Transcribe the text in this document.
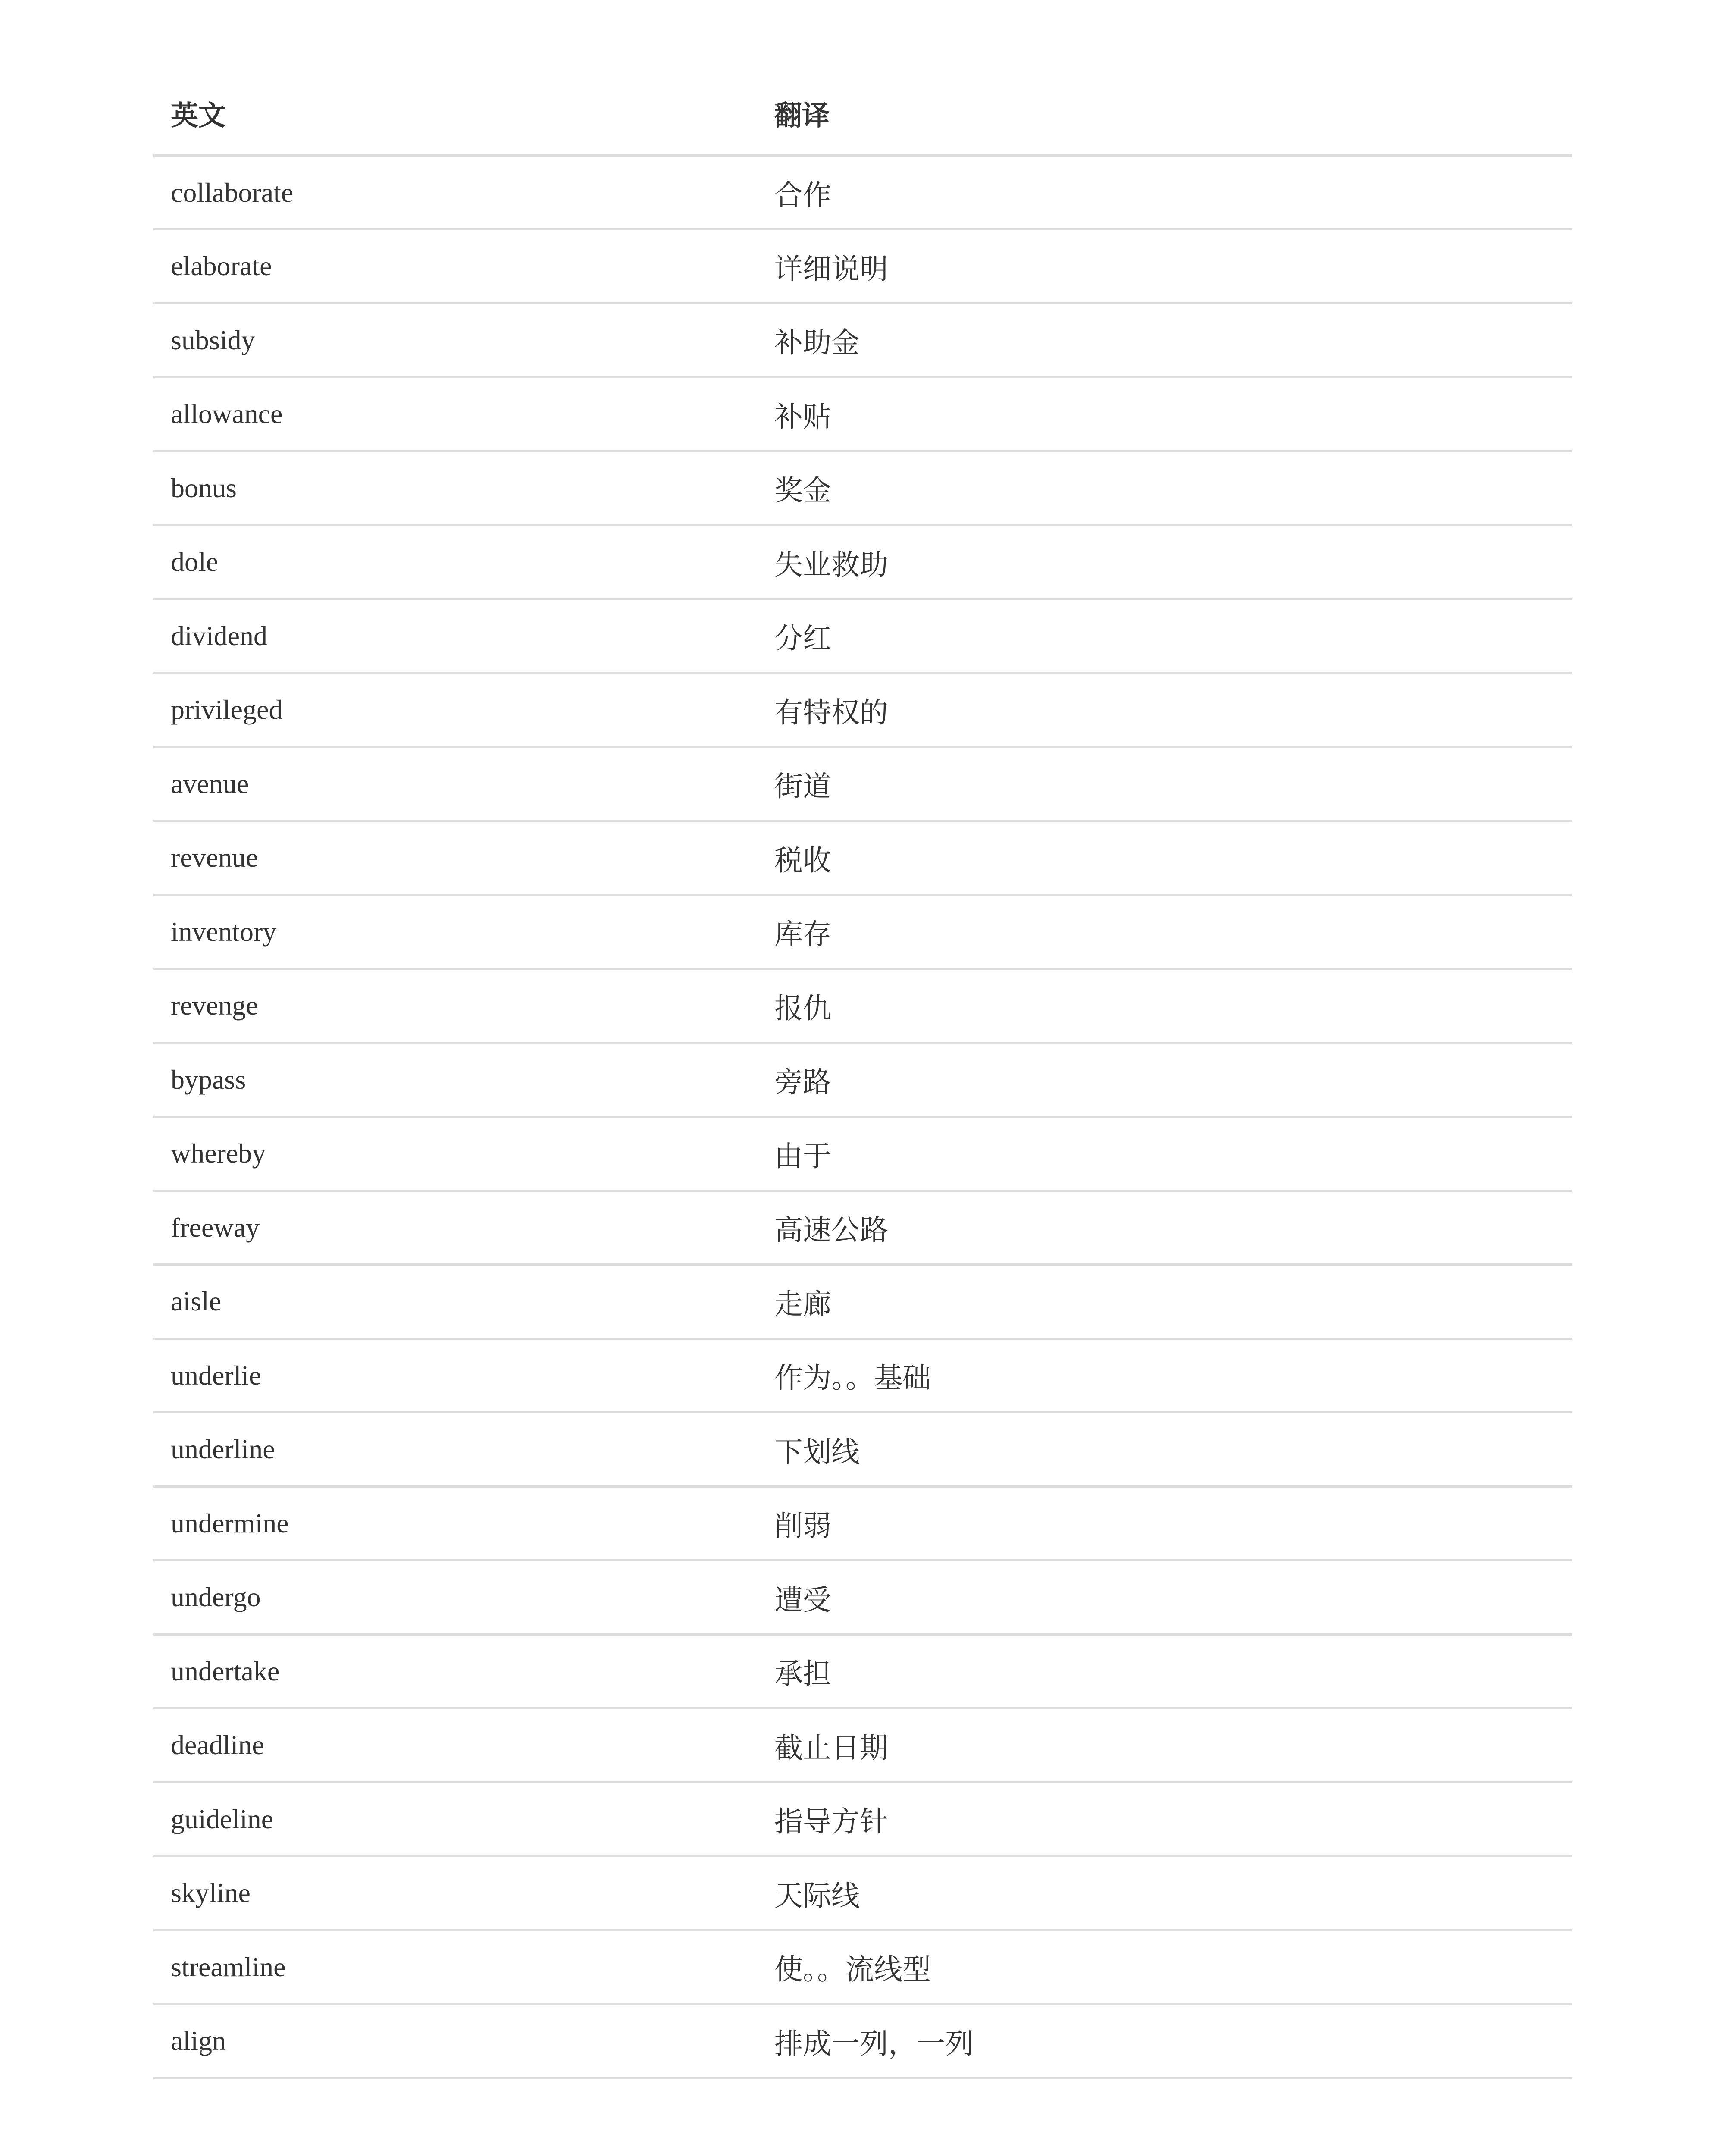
英文	翻译
collaborate	合作
elaborate	详细说明
subsidy	补助金
allowance	补贴
bonus	奖金
dole	失业救助
dividend	分红
privileged	有特权的
avenue	街道
revenue	税收
inventory	库存
revenge	报仇
bypass	旁路
whereby	由于
freeway	高速公路
aisle	走廊
underlie	作为。。基础
underline	下划线
undermine	削弱
undergo	遭受
undertake	承担
deadline	截止日期
guideline	指导方针
skyline	天际线
streamline	使。。流线型
align	排成一列，一列
